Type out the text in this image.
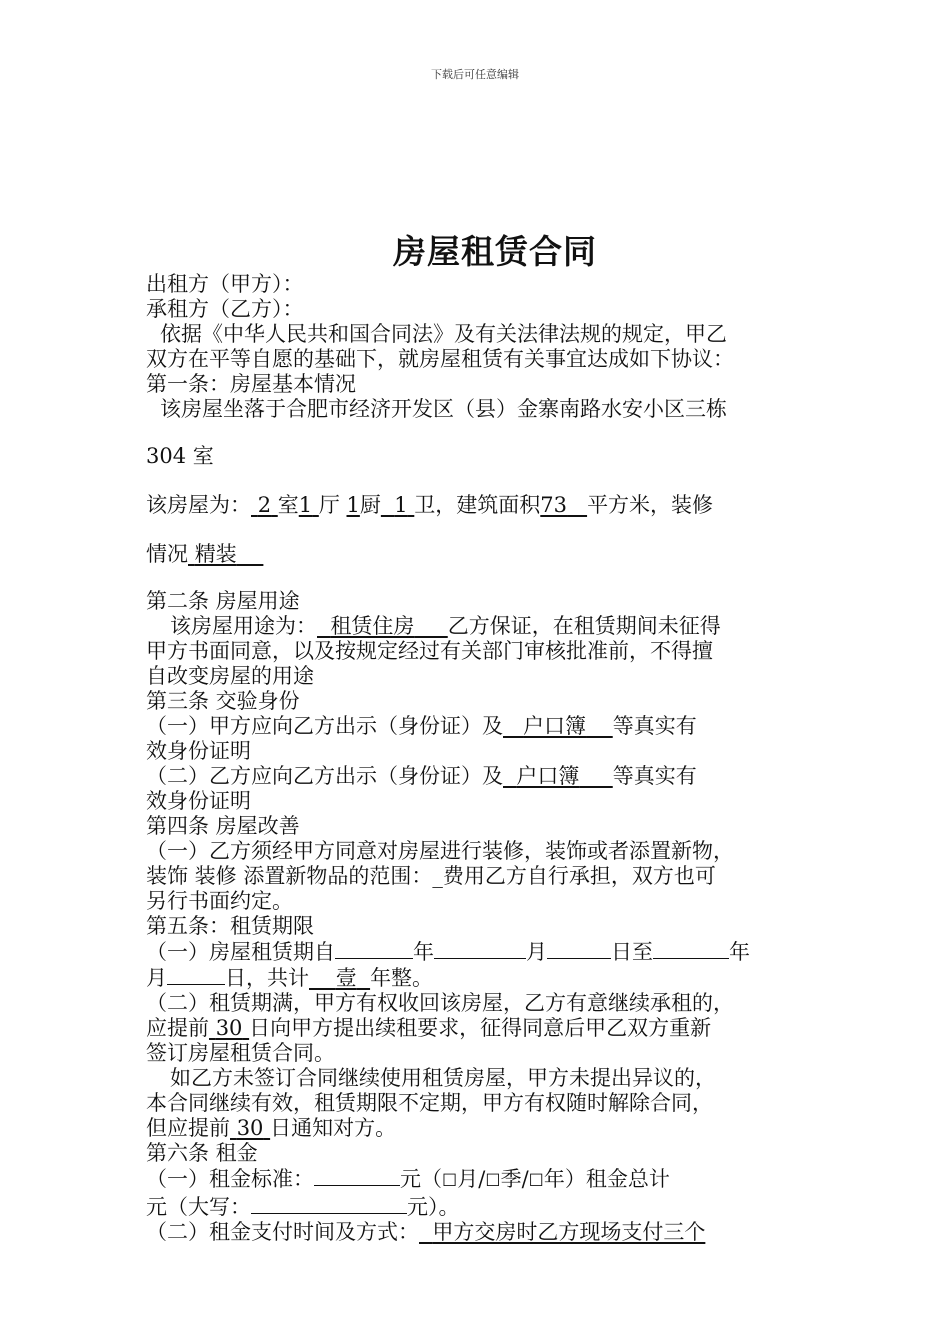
下载后可任意编辑
房屋租赁合同
出租方（甲方）：
承租方（乙方）：
依据《中华人民共和国合同法》及有关法律法规的规定，甲乙
双方在平等自愿的基础下，就房屋租赁有关事宜达成如下协议：
第一条：房屋基本情况
该房屋坐落于合肥市经济开发区（县）金寨南路水安小区三栋
304 室
该房屋为： 2 室1 厅 1厨 1 卫，建筑面积73 平方米，装修
情况 精装
第二条 房屋用途
该房屋用途为： 租赁住房 乙方保证，在租赁期间未征得
甲方书面同意，以及按规定经过有关部门审核批准前，不得擅
自改变房屋的用途
第三条 交验身份
（一）甲方应向乙方出示（身份证）及 户口簿 等真实有
效身份证明
（二）乙方应向乙方出示（身份证）及 户口簿 等真实有
效身份证明
第四条 房屋改善
（一）乙方须经甲方同意对房屋进行装修，装饰或者添置新物，
装饰 装修 添置新物品的范围：_费用乙方自行承担，双方也可
另行书面约定。
第五条：租赁期限
（一）房屋租赁期自	年	月	日至	年
月	日，共计 壹 年整。
（二）租赁期满，甲方有权收回该房屋，乙方有意继续承租的，
应提前 30 日向甲方提出续租要求，征得同意后甲乙双方重新
签订房屋租赁合同。
如乙方未签订合同继续使用租赁房屋，甲方未提出异议的，
本合同继续有效，租赁期限不定期，甲方有权随时解除合同，
但应提前 30 日通知对方。
第六条 租金
（一）租金标准：	元（☐月/☐季/☐年）租金总计
元（大写：	元）。
（二）租金支付时间及方式： 甲方交房时乙方现场支付三个
